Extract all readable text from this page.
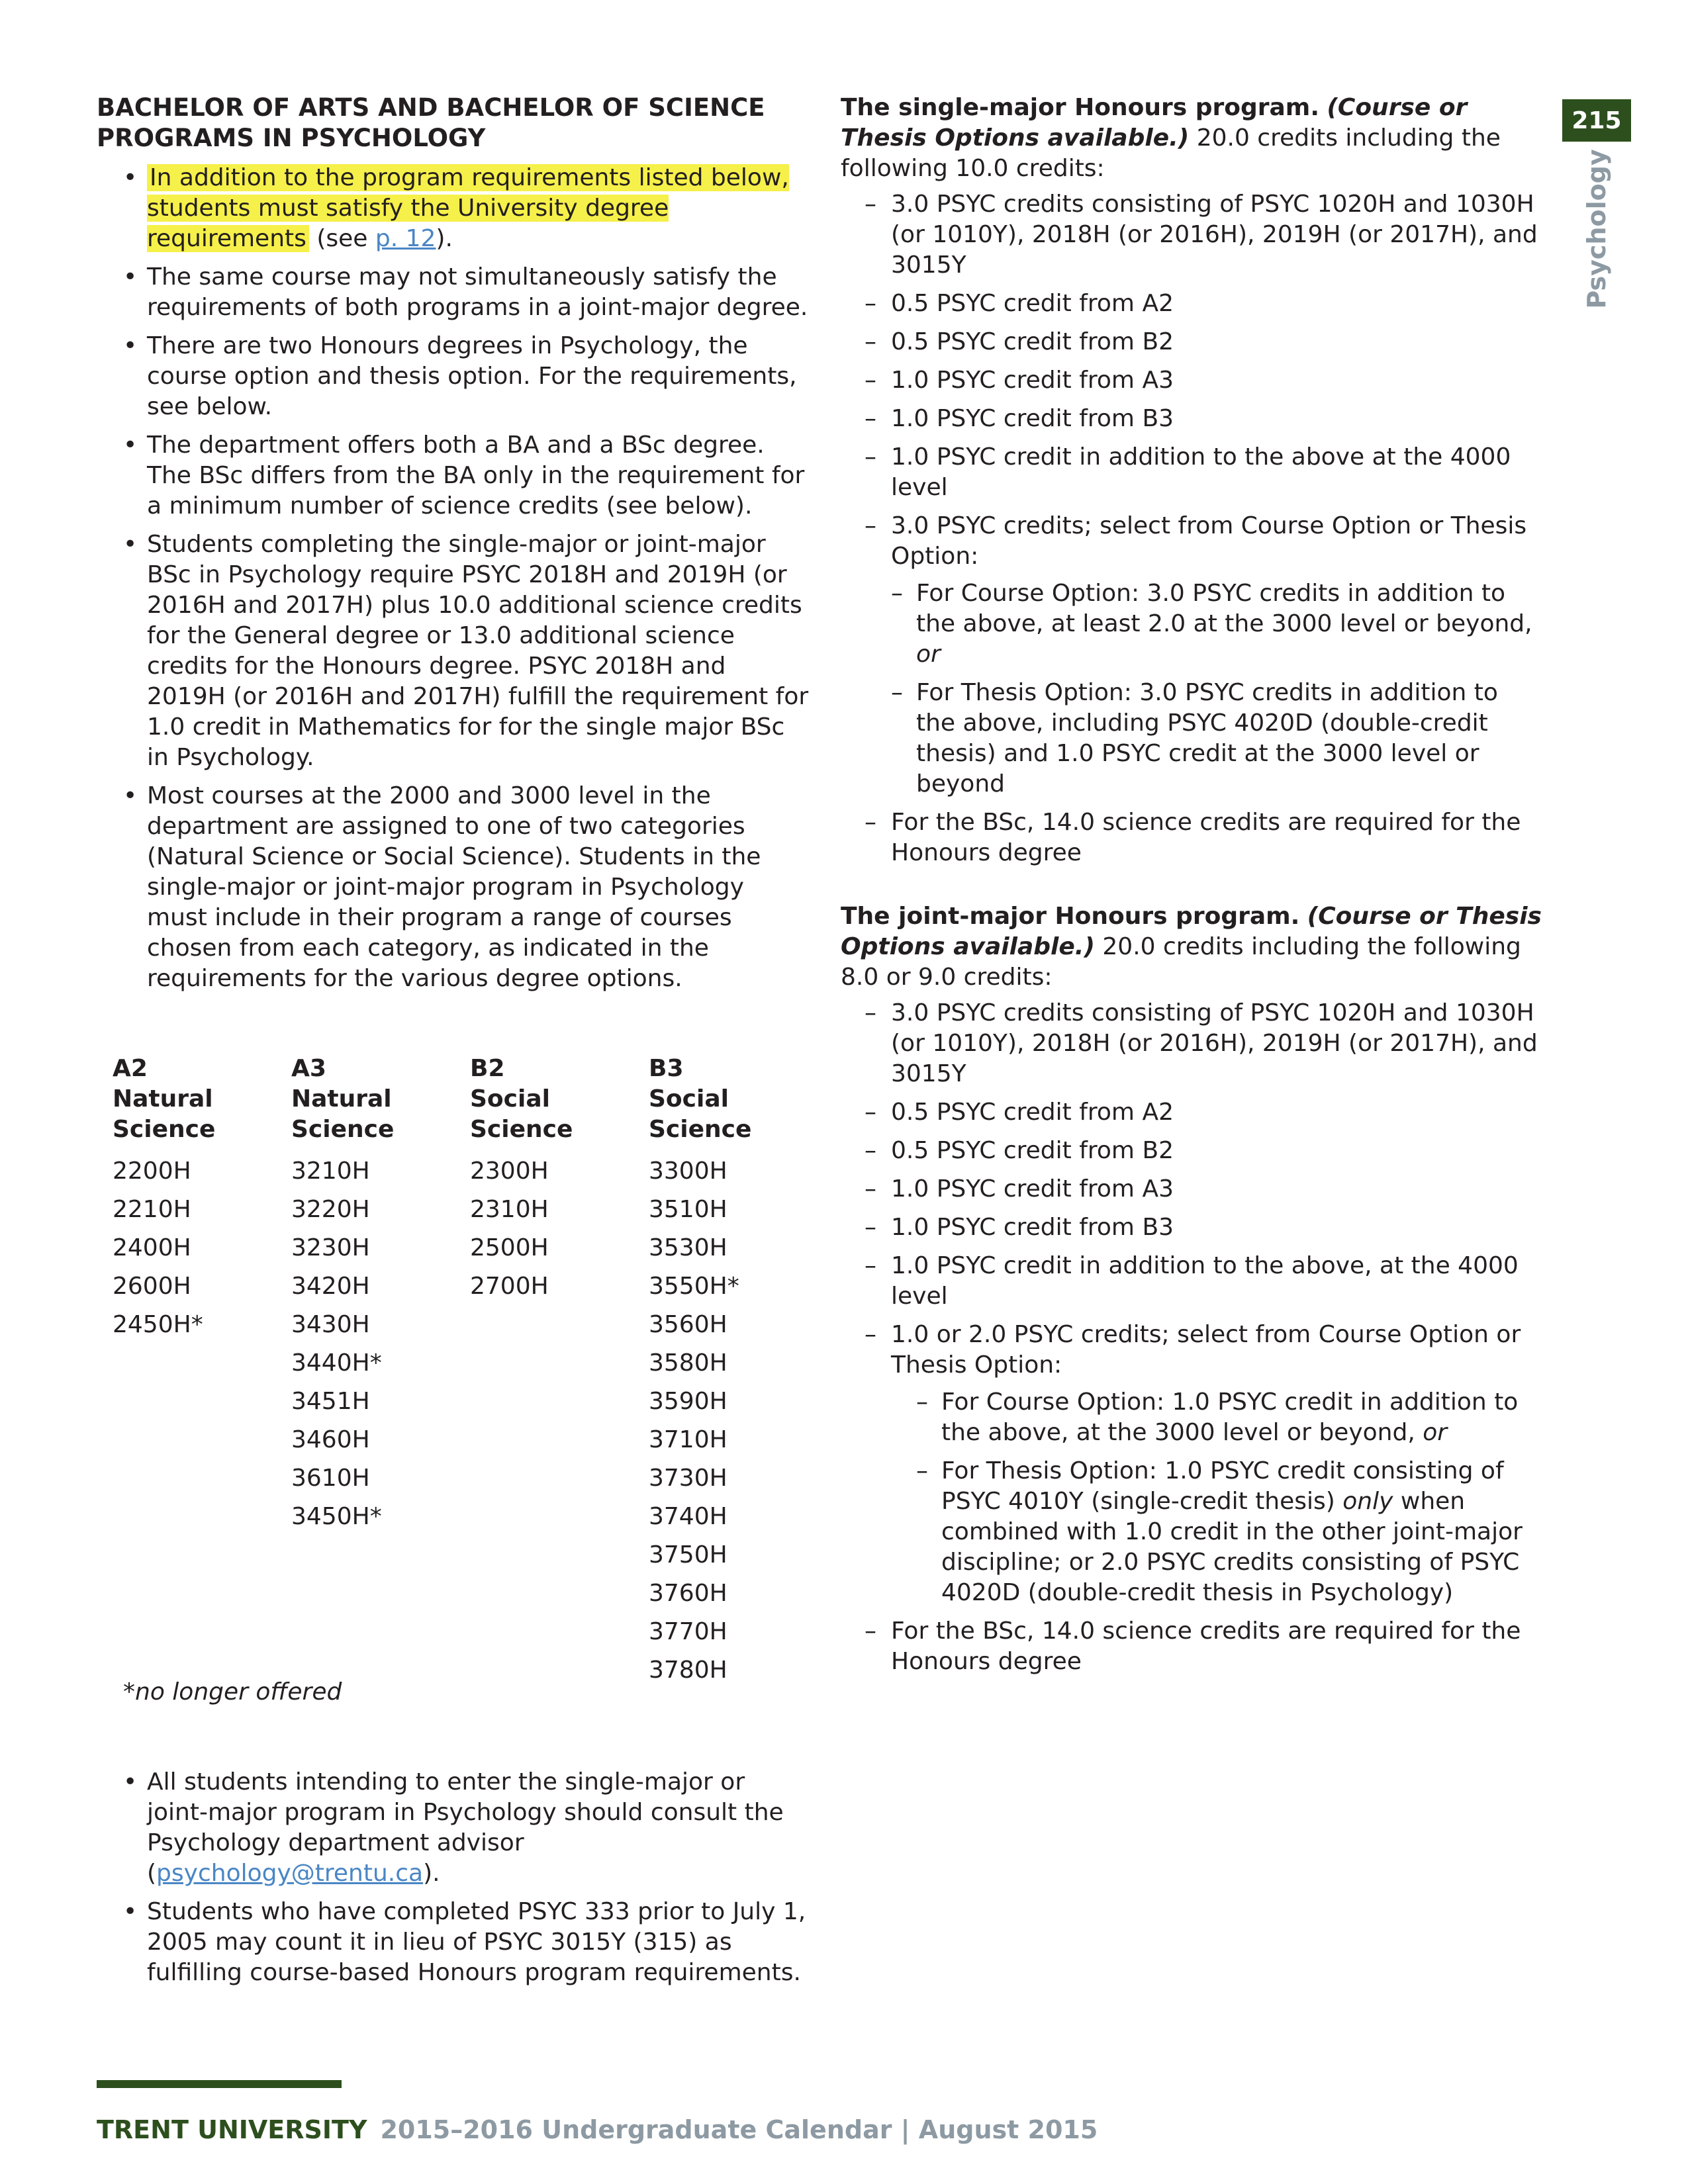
BACHELOR OF ARTS AND BACHELOR OF SCIENCE PROGRAMS IN PSYCHOLOGY
• In addition to the program requirements listed below, students must satisfy the University degree requirements (see p. 12).
• The same course may not simultaneously satisfy the requirements of both programs in a joint-major degree.
• There are two Honours degrees in Psychology, the course option and thesis option. For the requirements, see below.
• The department offers both a BA and a BSc degree. The BSc differs from the BA only in the requirement for a minimum number of science credits (see below).
• Students completing the single-major or joint-major BSc in Psychology require PSYC 2018H and 2019H (or 2016H and 2017H) plus 10.0 additional science credits for the General degree or 13.0 additional science credits for the Honours degree. PSYC 2018H and 2019H (or 2016H and 2017H) fulfill the requirement for 1.0 credit in Mathematics for for the single major BSc in Psychology.
• Most courses at the 2000 and 3000 level in the department are assigned to one of two categories (Natural Science or Social Science). Students in the single-major or joint-major program in Psychology must include in their program a range of courses chosen from each category, as indicated in the requirements for the various degree options.
A2
Natural
Science	A3
Natural
Science	B2
Social
Science	B3
Social
Science
2200H	3210H	2300H	3300H
2210H	3220H	2310H	3510H
2400H	3230H	2500H	3530H
2600H	3420H	2700H	3550H*
2450H*	3430H		3560H
	3440H*		3580H
	3451H		3590H
	3460H		3710H
	3610H		3730H
	3450H*		3740H
			3750H
			3760H
			3770H
			3780H
*no longer offered
• All students intending to enter the single-major or joint-major program in Psychology should consult the Psychology department advisor (psychology@trentu.ca).
• Students who have completed PSYC 333 prior to July 1, 2005 may count it in lieu of PSYC 3015Y (315) as fulfilling course-based Honours program requirements.

The single-major Honours program. (Course or Thesis Options available.) 20.0 credits including the following 10.0 credits:

– 3.0 PSYC credits consisting of PSYC 1020H and 1030H (or 1010Y), 2018H (or 2016H), 2019H (or 2017H), and 3015Y
– 0.5 PSYC credit from A2
– 0.5 PSYC credit from B2
– 1.0 PSYC credit from A3
– 1.0 PSYC credit from B3
– 1.0 PSYC credit in addition to the above at the 4000 level
– 3.0 PSYC credits; select from Course Option or Thesis Option:
– For Course Option: 3.0 PSYC credits in addition to the above, at least 2.0 at the 3000 level or beyond, or
– For Thesis Option: 3.0 PSYC credits in addition to the above, including PSYC 4020D (double-credit thesis) and 1.0 PSYC credit at the 3000 level or beyond
– For the BSc, 14.0 science credits are required for the Honours degree

The joint-major Honours program. (Course or Thesis Options available.) 20.0 credits including the following 8.0 or 9.0 credits:

– 3.0 PSYC credits consisting of PSYC 1020H and 1030H (or 1010Y), 2018H (or 2016H), 2019H (or 2017H), and 3015Y
– 0.5 PSYC credit from A2
– 0.5 PSYC credit from B2
– 1.0 PSYC credit from A3
– 1.0 PSYC credit from B3
– 1.0 PSYC credit in addition to the above, at the 4000 level
– 1.0 or 2.0 PSYC credits; select from Course Option or Thesis Option:
– For Course Option: 1.0 PSYC credit in addition to the above, at the 3000 level or beyond, or
– For Thesis Option: 1.0 PSYC credit consisting of PSYC 4010Y (single-credit thesis) only when combined with 1.0 credit in the other joint-major discipline; or 2.0 PSYC credits consisting of PSYC 4020D (double-credit thesis in Psychology)
– For the BSc, 14.0 science credits are required for the Honours degree
215
Psychology
TRENT UNIVERSITY 2015–2016 Undergraduate Calendar | August 2015
